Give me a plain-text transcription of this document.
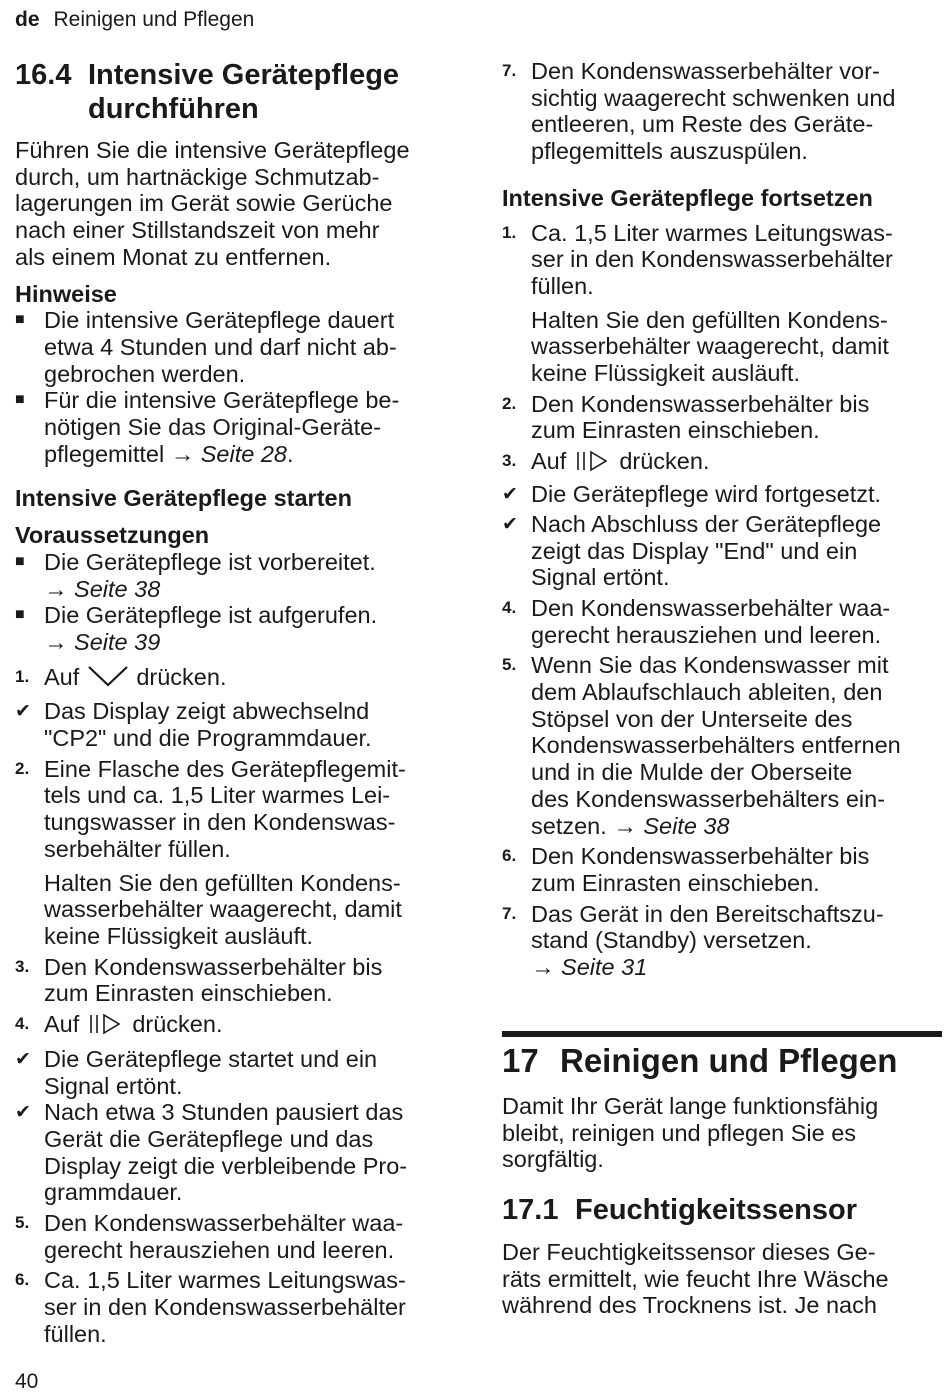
de Reinigen und Pflegen
16.4 Intensive Gerätepflege
durchführen

Führen Sie die intensive Gerätepflege
durch, um hartnäckige Schmutzab-
lagerungen im Gerät sowie Gerüche
nach einer Stillstandszeit von mehr
als einem Monat zu entfernen.

Hinweise
■ Die intensive Gerätepflege dauert
etwa 4 Stunden und darf nicht ab-
gebrochen werden.
■ Für die intensive Gerätepflege be-
nötigen Sie das Original-Geräte-
pflegemittel → Seite 28.
Intensive Gerätepflege starten
Voraussetzungen
■ Die Gerätepflege ist vorbereitet.
→ Seite 38
■ Die Gerätepflege ist aufgerufen.
→ Seite 39
1. Auf drücken.
✔ Das Display zeigt abwechselnd
"CP2" und die Programmdauer.
2. Eine Flasche des Gerätepflegemit-
tels und ca. 1,5 Liter warmes Lei-
tungswasser in den Kondenswas-
serbehälter füllen.

Halten Sie den gefüllten Kondens-
wasserbehälter waagerecht, damit
keine Flüssigkeit ausläuft.

3. Den Kondenswasserbehälter bis
zum Einrasten einschieben.
4. Auf drücken.
✔ Die Gerätepflege startet und ein
Signal ertönt.
✔ Nach etwa 3 Stunden pausiert das
Gerät die Gerätepflege und das
Display zeigt die verbleibende Pro-
grammdauer.
5. Den Kondenswasserbehälter waa-
gerecht herausziehen und leeren.
6. Ca. 1,5 Liter warmes Leitungswas-
ser in den Kondenswasserbehälter
füllen.
7. Den Kondenswasserbehälter vor-
sichtig waagerecht schwenken und
entleeren, um Reste des Geräte-
pflegemittels auszuspülen.
Intensive Gerätepflege fortsetzen
1. Ca. 1,5 Liter warmes Leitungswas-
ser in den Kondenswasserbehälter
füllen.

Halten Sie den gefüllten Kondens-
wasserbehälter waagerecht, damit
keine Flüssigkeit ausläuft.

2. Den Kondenswasserbehälter bis
zum Einrasten einschieben.
3. Auf drücken.
✔ Die Gerätepflege wird fortgesetzt.
✔ Nach Abschluss der Gerätepflege
zeigt das Display "End" und ein
Signal ertönt.
4. Den Kondenswasserbehälter waa-
gerecht herausziehen und leeren.
5. Wenn Sie das Kondenswasser mit
dem Ablaufschlauch ableiten, den
Stöpsel von der Unterseite des
Kondenswasserbehälters entfernen
und in die Mulde der Oberseite
des Kondenswasserbehälters ein-
setzen. → Seite 38
6. Den Kondenswasserbehälter bis
zum Einrasten einschieben.
7. Das Gerät in den Bereitschaftszu-
stand (Standby) versetzen.
→ Seite 31
17 Reinigen und Pflegen

Damit Ihr Gerät lange funktionsfähig
bleibt, reinigen und pflegen Sie es
sorgfältig.

17.1 Feuchtigkeitssensor

Der Feuchtigkeitssensor dieses Ge-
räts ermittelt, wie feucht Ihre Wäsche
während des Trocknens ist. Je nach

40
